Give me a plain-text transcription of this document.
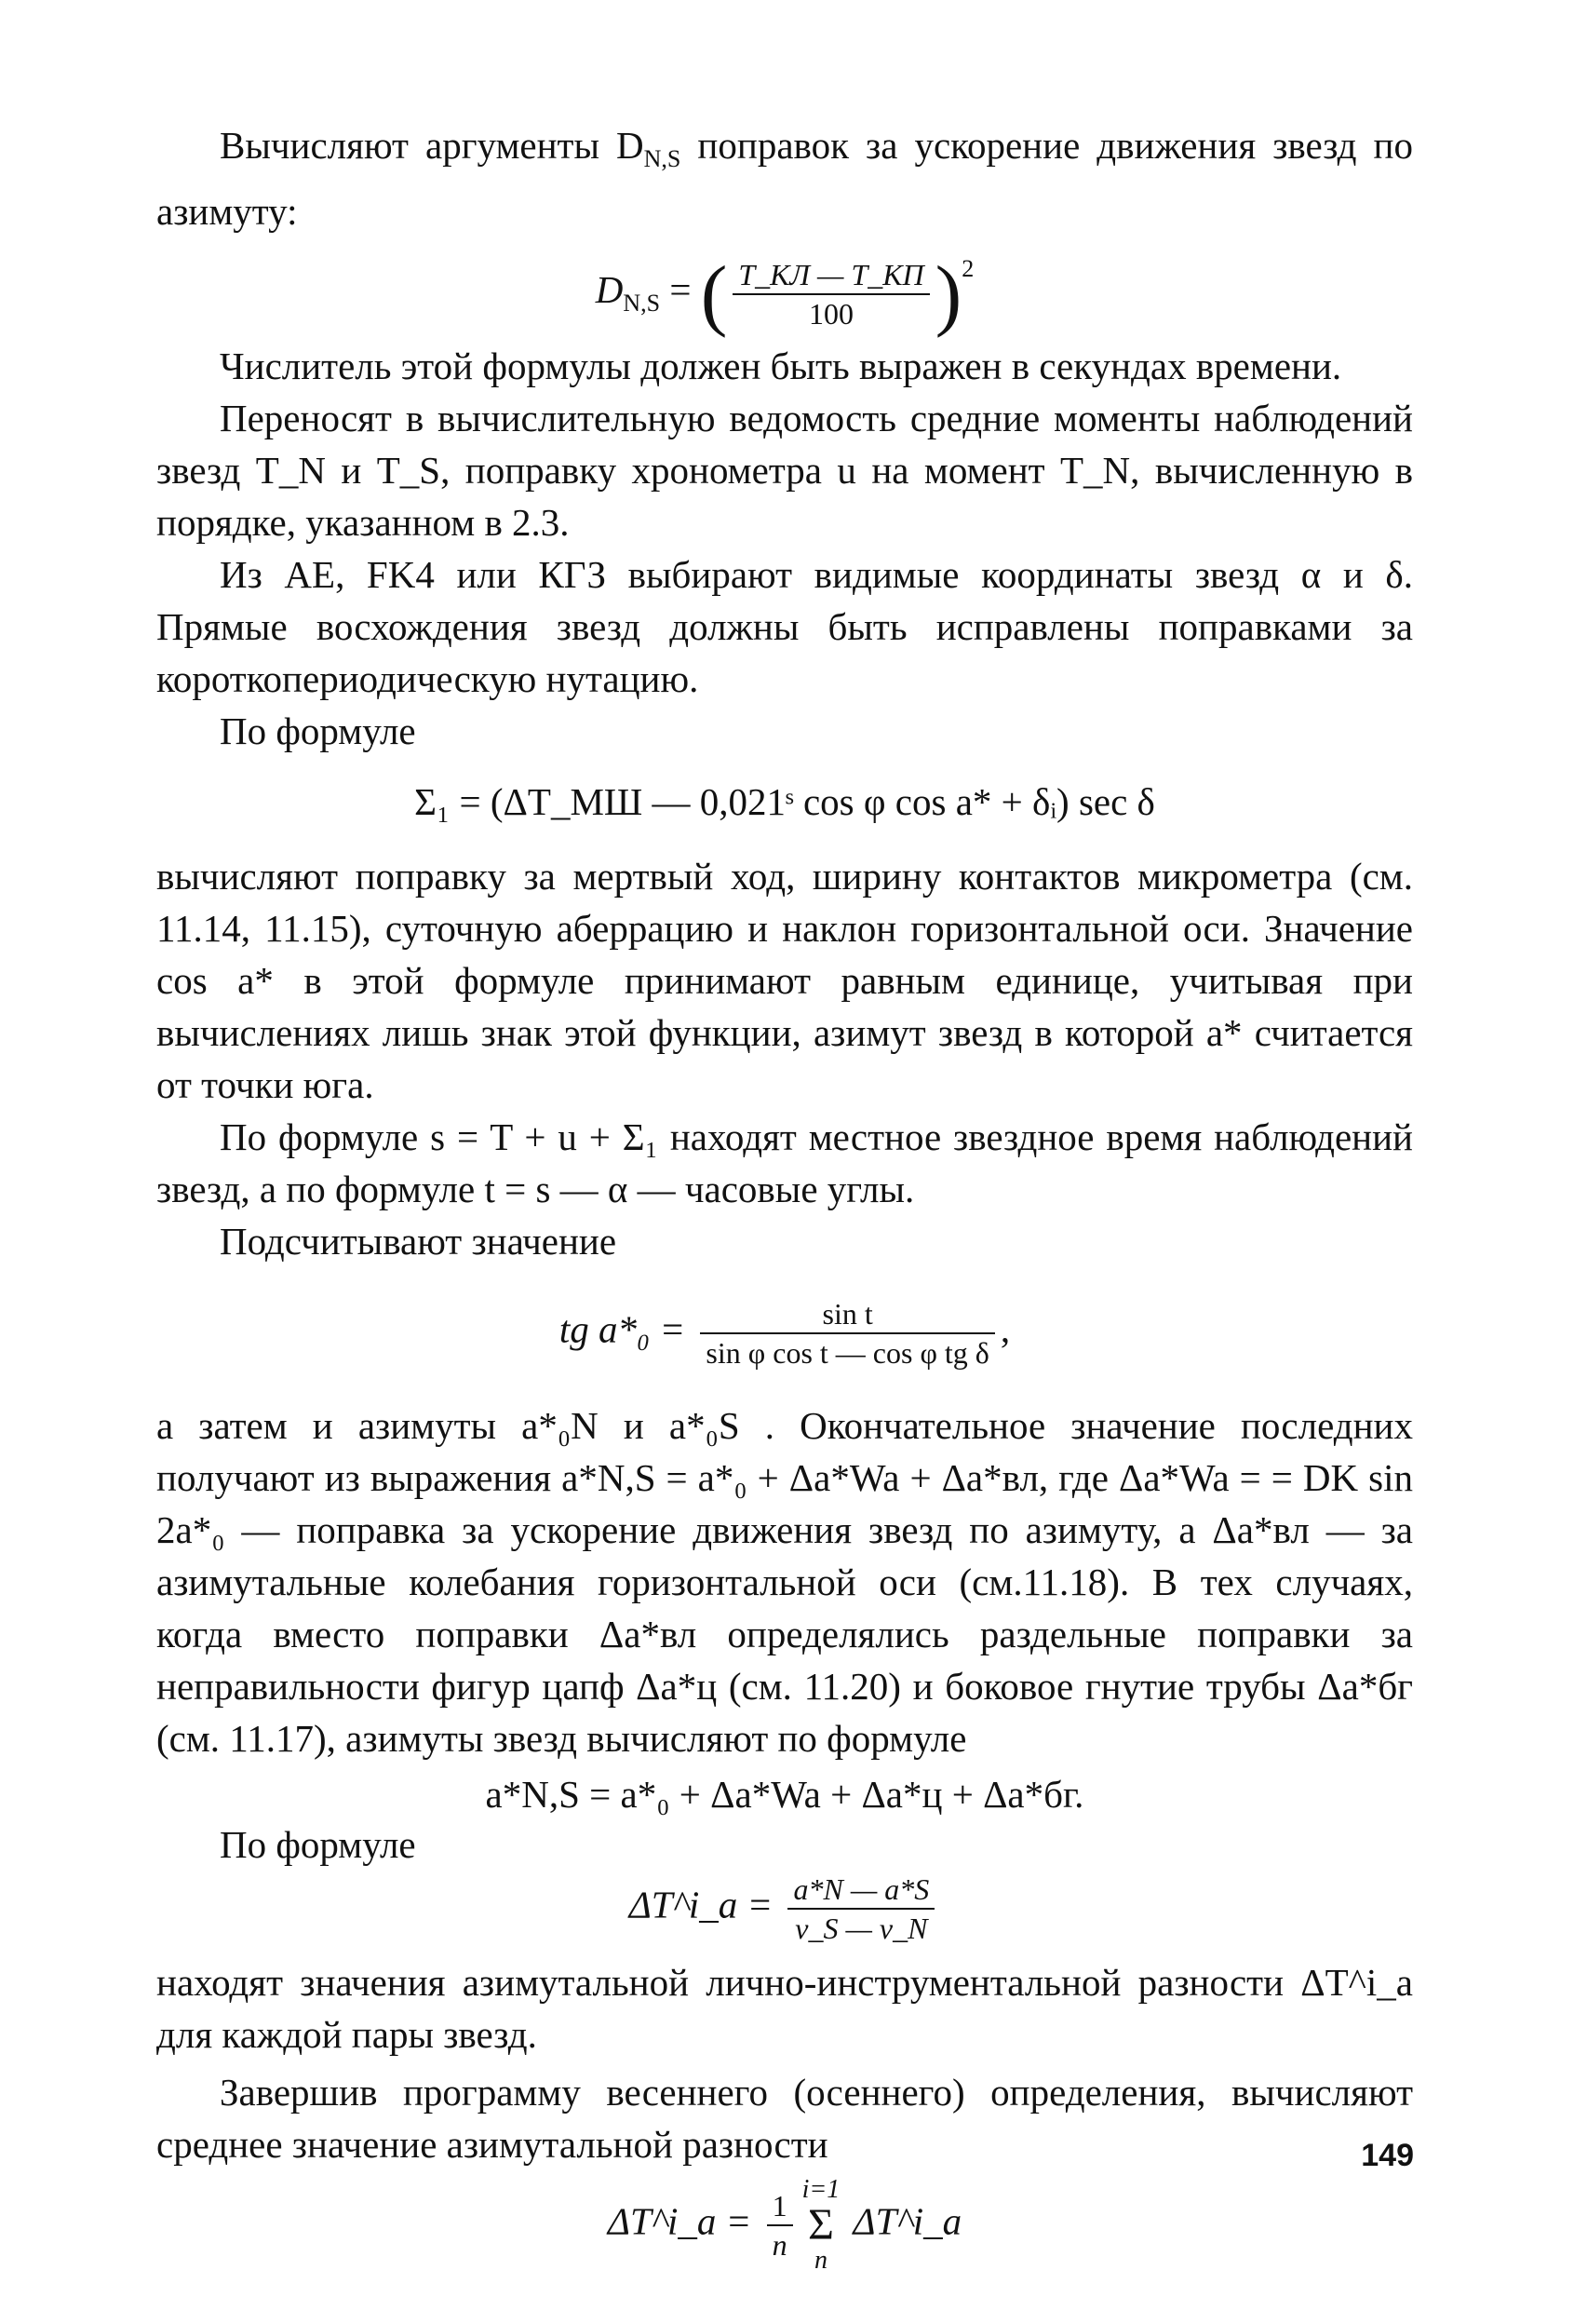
Вычисляют аргументы $D_{N,S}$ поправок за ускорение движения звезд по азимуту:

$D_{N,S}$ = ( $\frac{T\_КЛ — T\_КП}{100} )^2$

Числитель этой формулы должен быть выражен в секундах времени.

Переносят в вычислительную ведомость средние моменты наблюдений звезд T_N и T_S, поправку хронометра u на момент T_N, вычисленную в порядке, указанном в 2.3.

Из АЕ, FK4 или КГЗ выбирают видимые координаты звезд α и δ. Прямые восхождения звезд должны быть исправлены поправками за короткопериодическую нутацию.

По формуле

Σ₁ = (ΔT_МШ — 0,021ˢ cos φ cos a* + δᵢ) sec δ

вычисляют поправку за мертвый ход, ширину контактов микрометра (см. 11.14, 11.15), суточную аберрацию и наклон горизонтальной оси. Значение cos a* в этой формуле принимают равным единице, учитывая при вычислениях лишь знак этой функции, азимут звезд в которой a* считается от точки юга.

По формуле s = T + u + Σ₁ находят местное звездное время наблюдений звезд, а по формуле t = s — α — часовые углы.

Подсчитывают значение

tg $a*_0 = \frac{\text{sin t}}{\text{sin φ cos t — cos φ tg δ}}$ ,

а затем и азимуты a*₀N и a*₀S . Окончательное значение последних получают из выражения a*N,S = a*₀ + Δa*Wa + Δa*вл, где Δa*Wa = = DK sin 2a*₀ — поправка за ускорение движения звезд по азимуту, а Δa*вл — за азимутальные колебания горизонтальной оси (см.11.18). В тех случаях, когда вместо поправки Δa*вл определялись раздельные поправки за неправильности фигур цапф Δa*ц (см. 11.20) и боковое гнутие трубы Δa*бг (см. 11.17), азимуты звезд вычисляют по формуле

a*N,S = a*₀ + Δa*Wa + Δa*ц + Δa*бг.

По формуле

ΔT^i_a = $\frac{a*N — a*S}{v\_S — v\_N}$

находят значения азимутальной лично-инструментальной разности ΔT^i_a для каждой пары звезд.

Завершив программу весеннего (осеннего) определения, вычисляют среднее значение азимутальной разности

ΔT^i_a = $\frac{1}{n} i=1$
Σ
n
ΔT^i_a
149
